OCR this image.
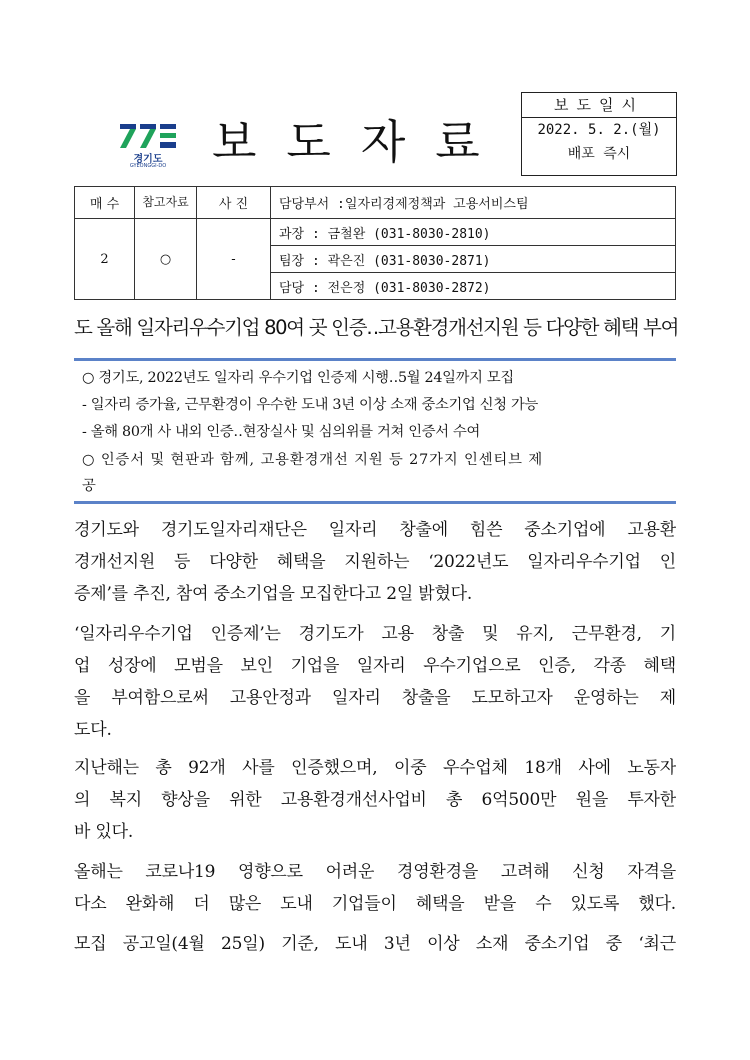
경기도
GYEONGGI-DO 보도자료
보도일시
2022. 5. 2.(월)
배포 즉시
매 수	참고자료	사 진	담당부서 :일자리경제정책과 고용서비스팀
2	○	-	과장 : 금철완 (031-8030-2810)
			팀장 : 곽은진 (031-8030-2871)
			담당 : 전은정 (031-8030-2872)
도 올해 일자리우수기업 80여 곳 인증‥고용환경개선지원 등 다양한 혜택 부여
○ 경기도, 2022년도 일자리 우수기업 인증제 시행‥5월 24일까지 모집
- 일자리 증가율, 근무환경이 우수한 도내 3년 이상 소재 중소기업 신청 가능
- 올해 80개 사 내외 인증‥현장실사 및 심의위를 거쳐 인증서 수여
○ 인증서 및 현판과 함께, 고용환경개선 지원 등 27가지 인센티브 제
공
경기도와 경기도일자리재단은 일자리 창출에 힘쓴 중소기업에 고용환
경개선지원 등 다양한 혜택을 지원하는 ‘2022년도 일자리우수기업 인
증제’를 추진, 참여 중소기업을 모집한다고 2일 밝혔다.
‘일자리우수기업 인증제’는 경기도가 고용 창출 및 유지, 근무환경, 기
업 성장에 모범을 보인 기업을 일자리 우수기업으로 인증, 각종 혜택
을 부여함으로써 고용안정과 일자리 창출을 도모하고자 운영하는 제
도다.
지난해는 총 92개 사를 인증했으며, 이중 우수업체 18개 사에 노동자
의 복지 향상을 위한 고용환경개선사업비 총 6억500만 원을 투자한
바 있다.
올해는 코로나19 영향으로 어려운 경영환경을 고려해 신청 자격을
다소 완화해 더 많은 도내 기업들이 혜택을 받을 수 있도록 했다.
모집 공고일(4월 25일) 기준, 도내 3년 이상 소재 중소기업 중 ‘최근
